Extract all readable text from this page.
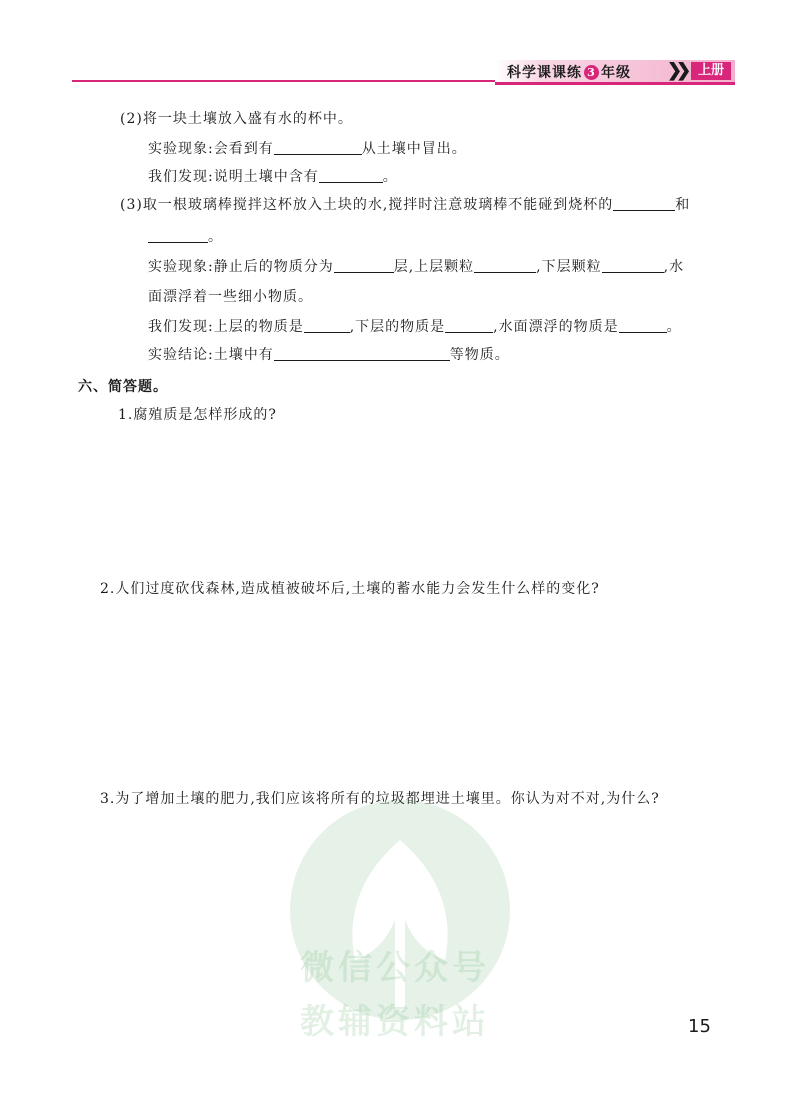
科学课课练 3 年级 ❯❯ 上册
(2)将一块土壤放入盛有水的杯中。
实验现象:会看到有	从土壤中冒出。
我们发现:说明土壤中含有	。
(3)取一根玻璃棒搅拌这杯放入土块的水,搅拌时注意玻璃棒不能碰到烧杯的	和
。
实验现象:静止后的物质分为	层,上层颗粒	,下层颗粒	,水
面漂浮着一些细小物质。
我们发现:上层的物质是	,下层的物质是	,水面漂浮的物质是	。
实验结论:土壤中有	等物质。
六、简答题。
1.腐殖质是怎样形成的?
2.人们过度砍伐森林,造成植被破坏后,土壤的蓄水能力会发生什么样的变化?
3.为了增加土壤的肥力,我们应该将所有的垃圾都埋进土壤里。你认为对不对,为什么?
微信公众号
教辅资料站	15
